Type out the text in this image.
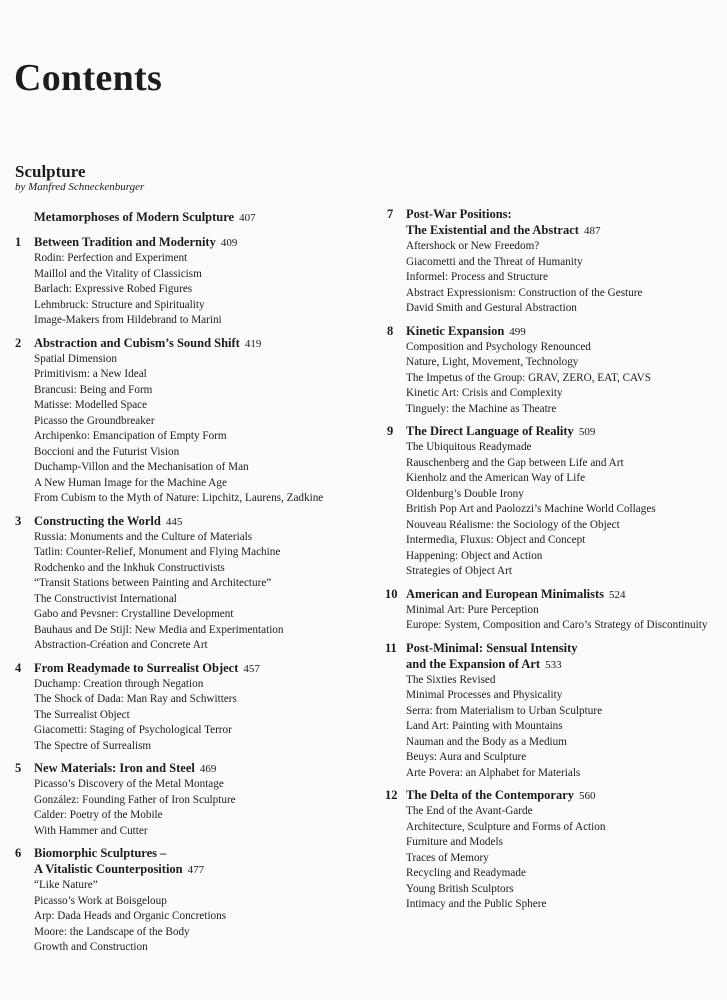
Contents
Sculpture
by Manfred Schneckenburger
Metamorphoses of Modern Sculpture 407
1	Between Tradition and Modernity 409
Rodin: Perfection and Experiment
Maillol and the Vitality of Classicism
Barlach: Expressive Robed Figures
Lehmbruck: Structure and Spirituality
Image-Makers from Hildebrand to Marini
2	Abstraction and Cubism’s Sound Shift 419
Spatial Dimension
Primitivism: a New Ideal
Brancusi: Being and Form
Matisse: Modelled Space
Picasso the Groundbreaker
Archipenko: Emancipation of Empty Form
Boccioni and the Futurist Vision
Duchamp-Villon and the Mechanisation of Man
A New Human Image for the Machine Age
From Cubism to the Myth of Nature: Lipchitz, Laurens, Zadkine
3	Constructing the World 445
Russia: Monuments and the Culture of Materials
Tatlin: Counter-Relief, Monument and Flying Machine
Rodchenko and the Inkhuk Constructivists
“Transit Stations between Painting and Architecture”
The Constructivist International
Gabo and Pevsner: Crystalline Development
Bauhaus and De Stijl: New Media and Experimentation
Abstraction-Création and Concrete Art
4	From Readymade to Surrealist Object 457
Duchamp: Creation through Negation
The Shock of Dada: Man Ray and Schwitters
The Surrealist Object
Giacometti: Staging of Psychological Terror
The Spectre of Surrealism
5	New Materials: Iron and Steel 469
Picasso’s Discovery of the Metal Montage
González: Founding Father of Iron Sculpture
Calder: Poetry of the Mobile
With Hammer and Cutter
6	Biomorphic Sculptures –
A Vitalistic Counterposition 477
“Like Nature”
Picasso’s Work at Boisgeloup
Arp: Dada Heads and Organic Concretions
Moore: the Landscape of the Body
Growth and Construction
7	Post-War Positions:
The Existential and the Abstract 487
Aftershock or New Freedom?
Giacometti and the Threat of Humanity
Informel: Process and Structure
Abstract Expressionism: Construction of the Gesture
David Smith and Gestural Abstraction
8	Kinetic Expansion 499
Composition and Psychology Renounced
Nature, Light, Movement, Technology
The Impetus of the Group: GRAV, ZERO, EAT, CAVS
Kinetic Art: Crisis and Complexity
Tinguely: the Machine as Theatre
9	The Direct Language of Reality 509
The Ubiquitous Readymade
Rauschenberg and the Gap between Life and Art
Kienholz and the American Way of Life
Oldenburg’s Double Irony
British Pop Art and Paolozzi’s Machine World Collages
Nouveau Réalisme: the Sociology of the Object
Intermedia, Fluxus: Object and Concept
Happening: Object and Action
Strategies of Object Art
10 American and European Minimalists 524
Minimal Art: Pure Perception
Europe: System, Composition and Caro’s Strategy of Discontinuity
11 Post-Minimal: Sensual Intensity
and the Expansion of Art 533
The Sixties Revised
Minimal Processes and Physicality
Serra: from Materialism to Urban Sculpture
Land Art: Painting with Mountains
Nauman and the Body as a Medium
Beuys: Aura and Sculpture
Arte Povera: an Alphabet for Materials
12 The Delta of the Contemporary 560
The End of the Avant-Garde
Architecture, Sculpture and Forms of Action
Furniture and Models
Traces of Memory
Recycling and Readymade
Young British Sculptors
Intimacy and the Public Sphere
